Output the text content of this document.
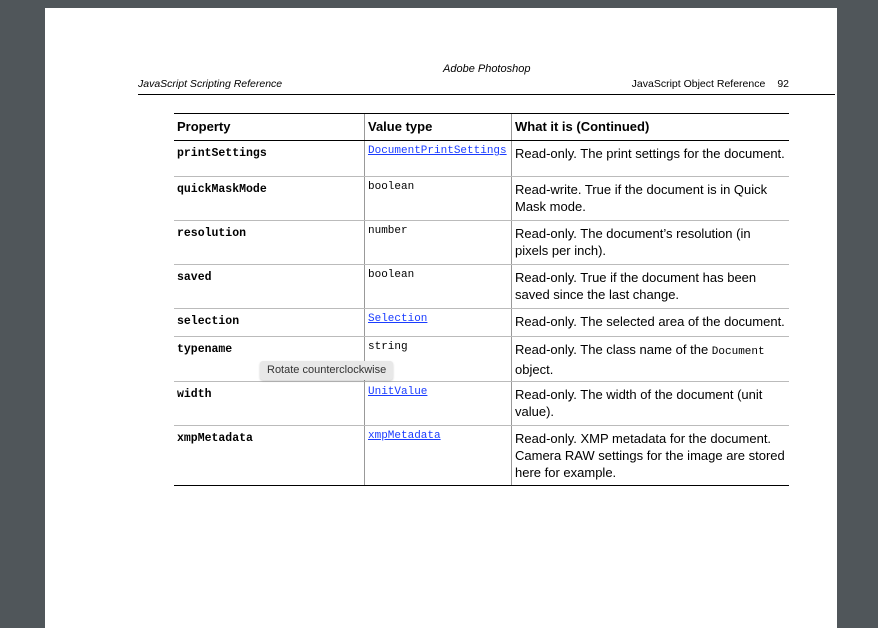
Adobe Photoshop
JavaScript Scripting Reference	JavaScript Object Reference 92
Property	Value type	What it is (Continued)
printSettings	DocumentPrintSettings	Read-only. The print settings for the document.
quickMaskMode	boolean	Read-write. True if the document is in Quick Mask mode.
resolution	number	Read-only. The document’s resolution (in pixels per inch).
saved	boolean	Read-only. True if the document has been saved since the last change.
selection	Selection	Read-only. The selected area of the document.
typename	string	Read-only. The class name of the Document object.
width	UnitValue	Read-only. The width of the document (unit value).
xmpMetadata	xmpMetadata	Read-only. XMP metadata for the document. Camera RAW settings for the image are stored here for example.
Rotate counterclockwise
